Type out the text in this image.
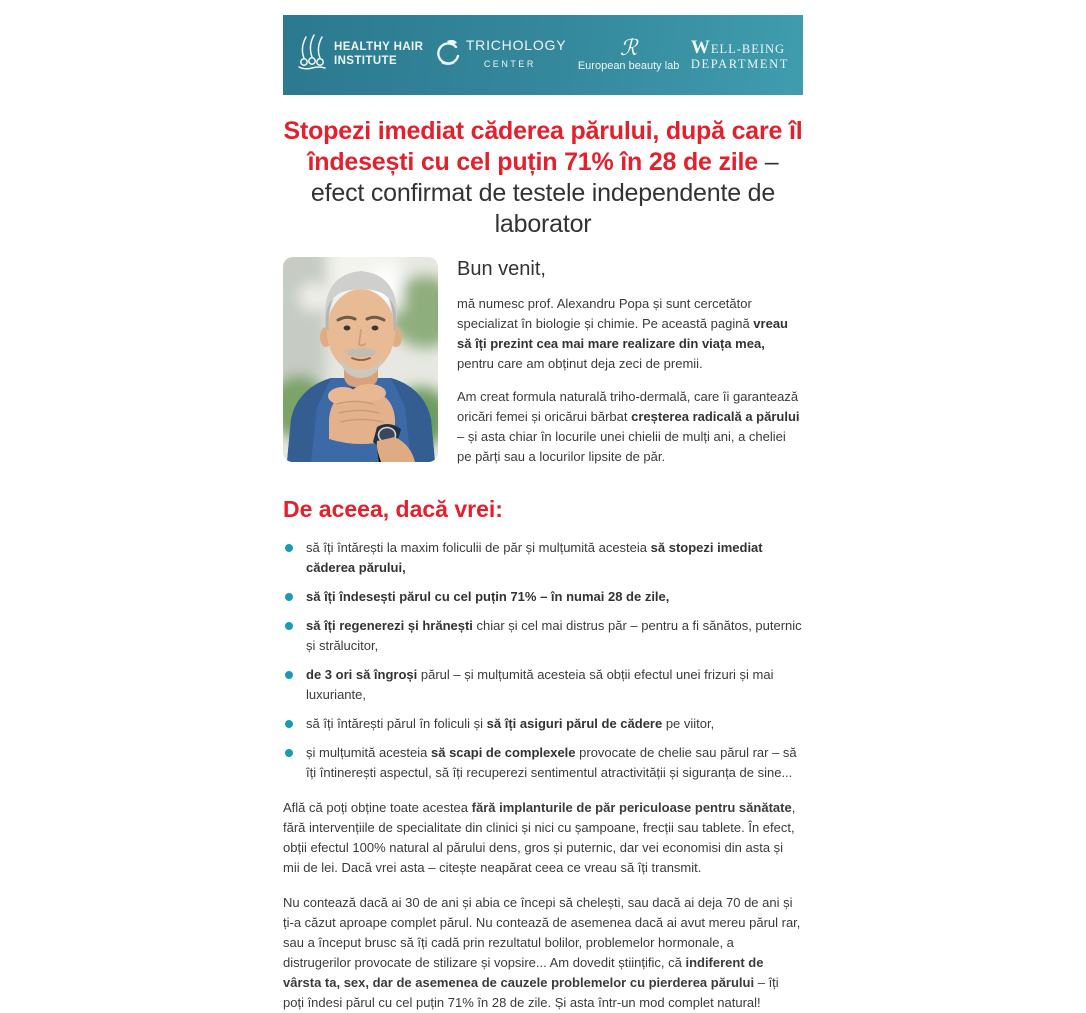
HEALTHY HAIR
INSTITUTE
TRICHOLOGY
CENTER
ℛ
European beauty lab
WELL-BEING
DEPARTMENT
Stopezi imediat căderea părului, după care îl îndesești cu cel puțin 71% în 28 de zile – efect confirmat de testele independente de laborator
Bun venit,

mă numesc prof. Alexandru Popa și sunt cercetător specializat în biologie și chimie. Pe această pagină vreau să îți prezint cea mai mare realizare din viața mea, pentru care am obținut deja zeci de premii.

Am creat formula naturală triho-dermală, care îi garantează oricări femei și oricărui bărbat creșterea radicală a părului – și asta chiar în locurile unei chielii de mulți ani, a cheliei pe părți sau a locurilor lipsite de păr.

De aceea, dacă vrei:
să îți întărești la maxim foliculii de păr și mulțumită acesteia să stopezi imediat căderea părului,
să îți îndesești părul cu cel puțin 71% – în numai 28 de zile,
să îți regenerezi și hrănești chiar și cel mai distrus păr – pentru a fi sănătos, puternic și strălucitor,
de 3 ori să îngroși părul – și mulțumită acesteia să obții efectul unei frizuri și mai luxuriante,
să îți întărești părul în foliculi și să îți asiguri părul de cădere pe viitor,
și mulțumită acesteia să scapi de complexele provocate de chelie sau părul rar – să îți întinerești aspectul, să îți recuperezi sentimentul atractivității și siguranța de sine...

Află că poți obține toate acestea fără implanturile de păr periculoase pentru sănătate, fără intervențiile de specialitate din clinici și nici cu șampoane, frecții sau tablete. În efect, obții efectul 100% natural al părului dens, gros și puternic, dar vei economisi din asta și mii de lei. Dacă vrei asta – citește neapărat ceea ce vreau să îți transmit.

Nu contează dacă ai 30 de ani și abia ce începi să chelești, sau dacă ai deja 70 de ani și ți-a căzut aproape complet părul. Nu contează de asemenea dacă ai avut mereu părul rar, sau a început brusc să îți cadă prin rezultatul bolilor, problemelor hormonale, a distrugerilor provocate de stilizare și vopsire... Am dovedit științific, că indiferent de vârsta ta, sex, dar de asemenea de cauzele problemelor cu pierderea părului – îți poți îndesi părul cu cel puțin 71% în 28 de zile. Și asta într-un mod complet natural!
